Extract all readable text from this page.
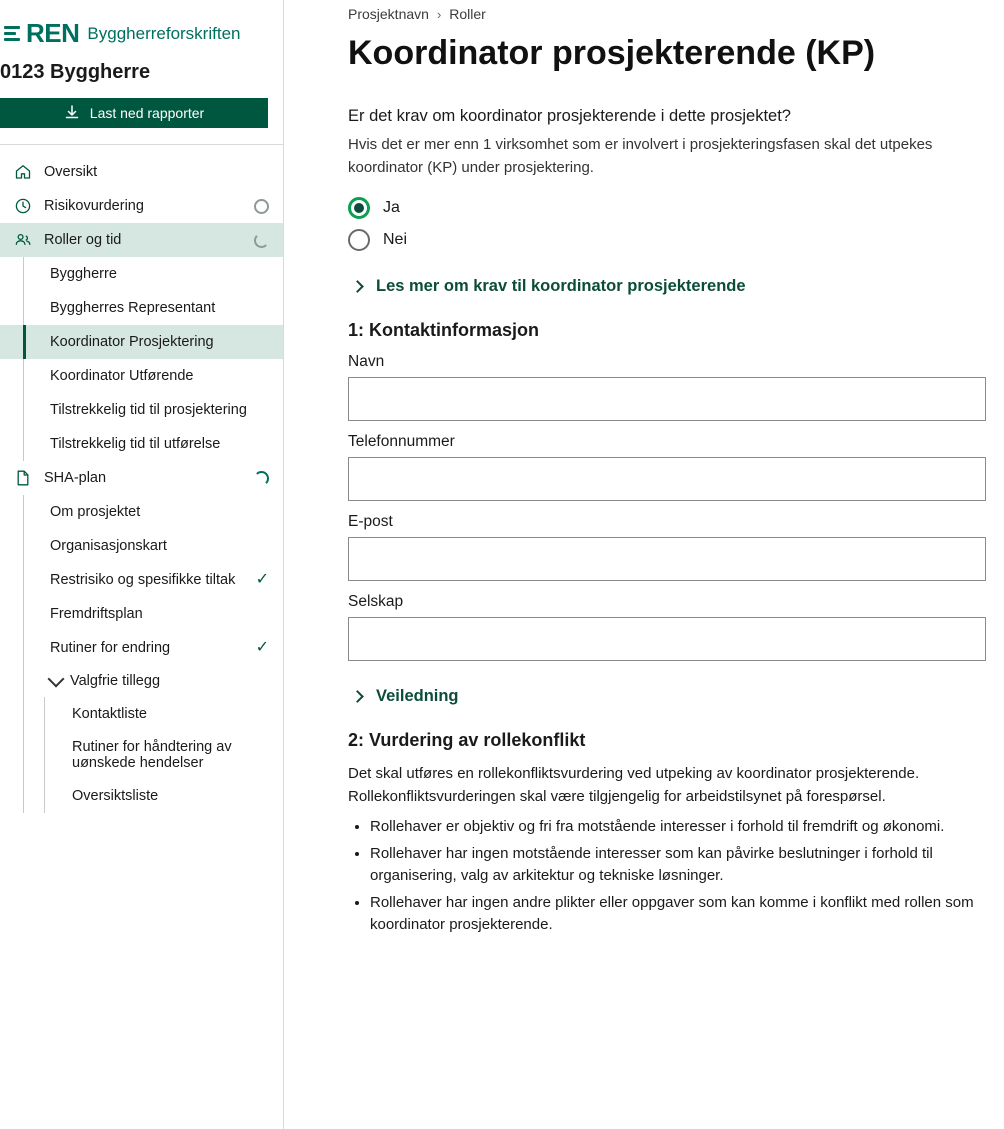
REN Byggherreforskriften
0123 Byggherre
Last ned rapporter
Oversikt
Risikovurdering
Roller og tid
Byggherre
Byggherres Representant
Koordinator Prosjektering
Koordinator Utførende
Tilstrekkelig tid til prosjektering
Tilstrekkelig tid til utførelse
SHA-plan
Om prosjektet
Organisasjonskart
Restrisiko og spesifikke tiltak	✓
Fremdriftsplan
Rutiner for endring	✓
Valgfrie tillegg
Kontaktliste
Rutiner for håndtering av uønskede hendelser
Oversiktsliste
Prosjektnavn › Roller
Koordinator prosjekterende (KP)
Er det krav om koordinator prosjekterende i dette prosjektet?
Hvis det er mer enn 1 virksomhet som er involvert i prosjekteringsfasen skal det utpekes koordinator (KP) under prosjektering.
Ja
Nei
Les mer om krav til koordinator prosjekterende
1: Kontaktinformasjon
Navn
Telefonnummer
E-post
Selskap
Veiledning
2: Vurdering av rollekonflikt

Det skal utføres en rollekonfliktsvurdering ved utpeking av koordinator prosjekterende. Rollekonfliktsvurderingen skal være tilgjengelig for arbeidstilsynet på forespørsel.

• Rollehaver er objektiv og fri fra motstående interesser i forhold til fremdrift og økonomi.
• Rollehaver har ingen motstående interesser som kan påvirke beslutninger i forhold til organisering, valg av arkitektur og tekniske løsninger.
• Rollehaver har ingen andre plikter eller oppgaver som kan komme i konflikt med rollen som koordinator prosjekterende.
